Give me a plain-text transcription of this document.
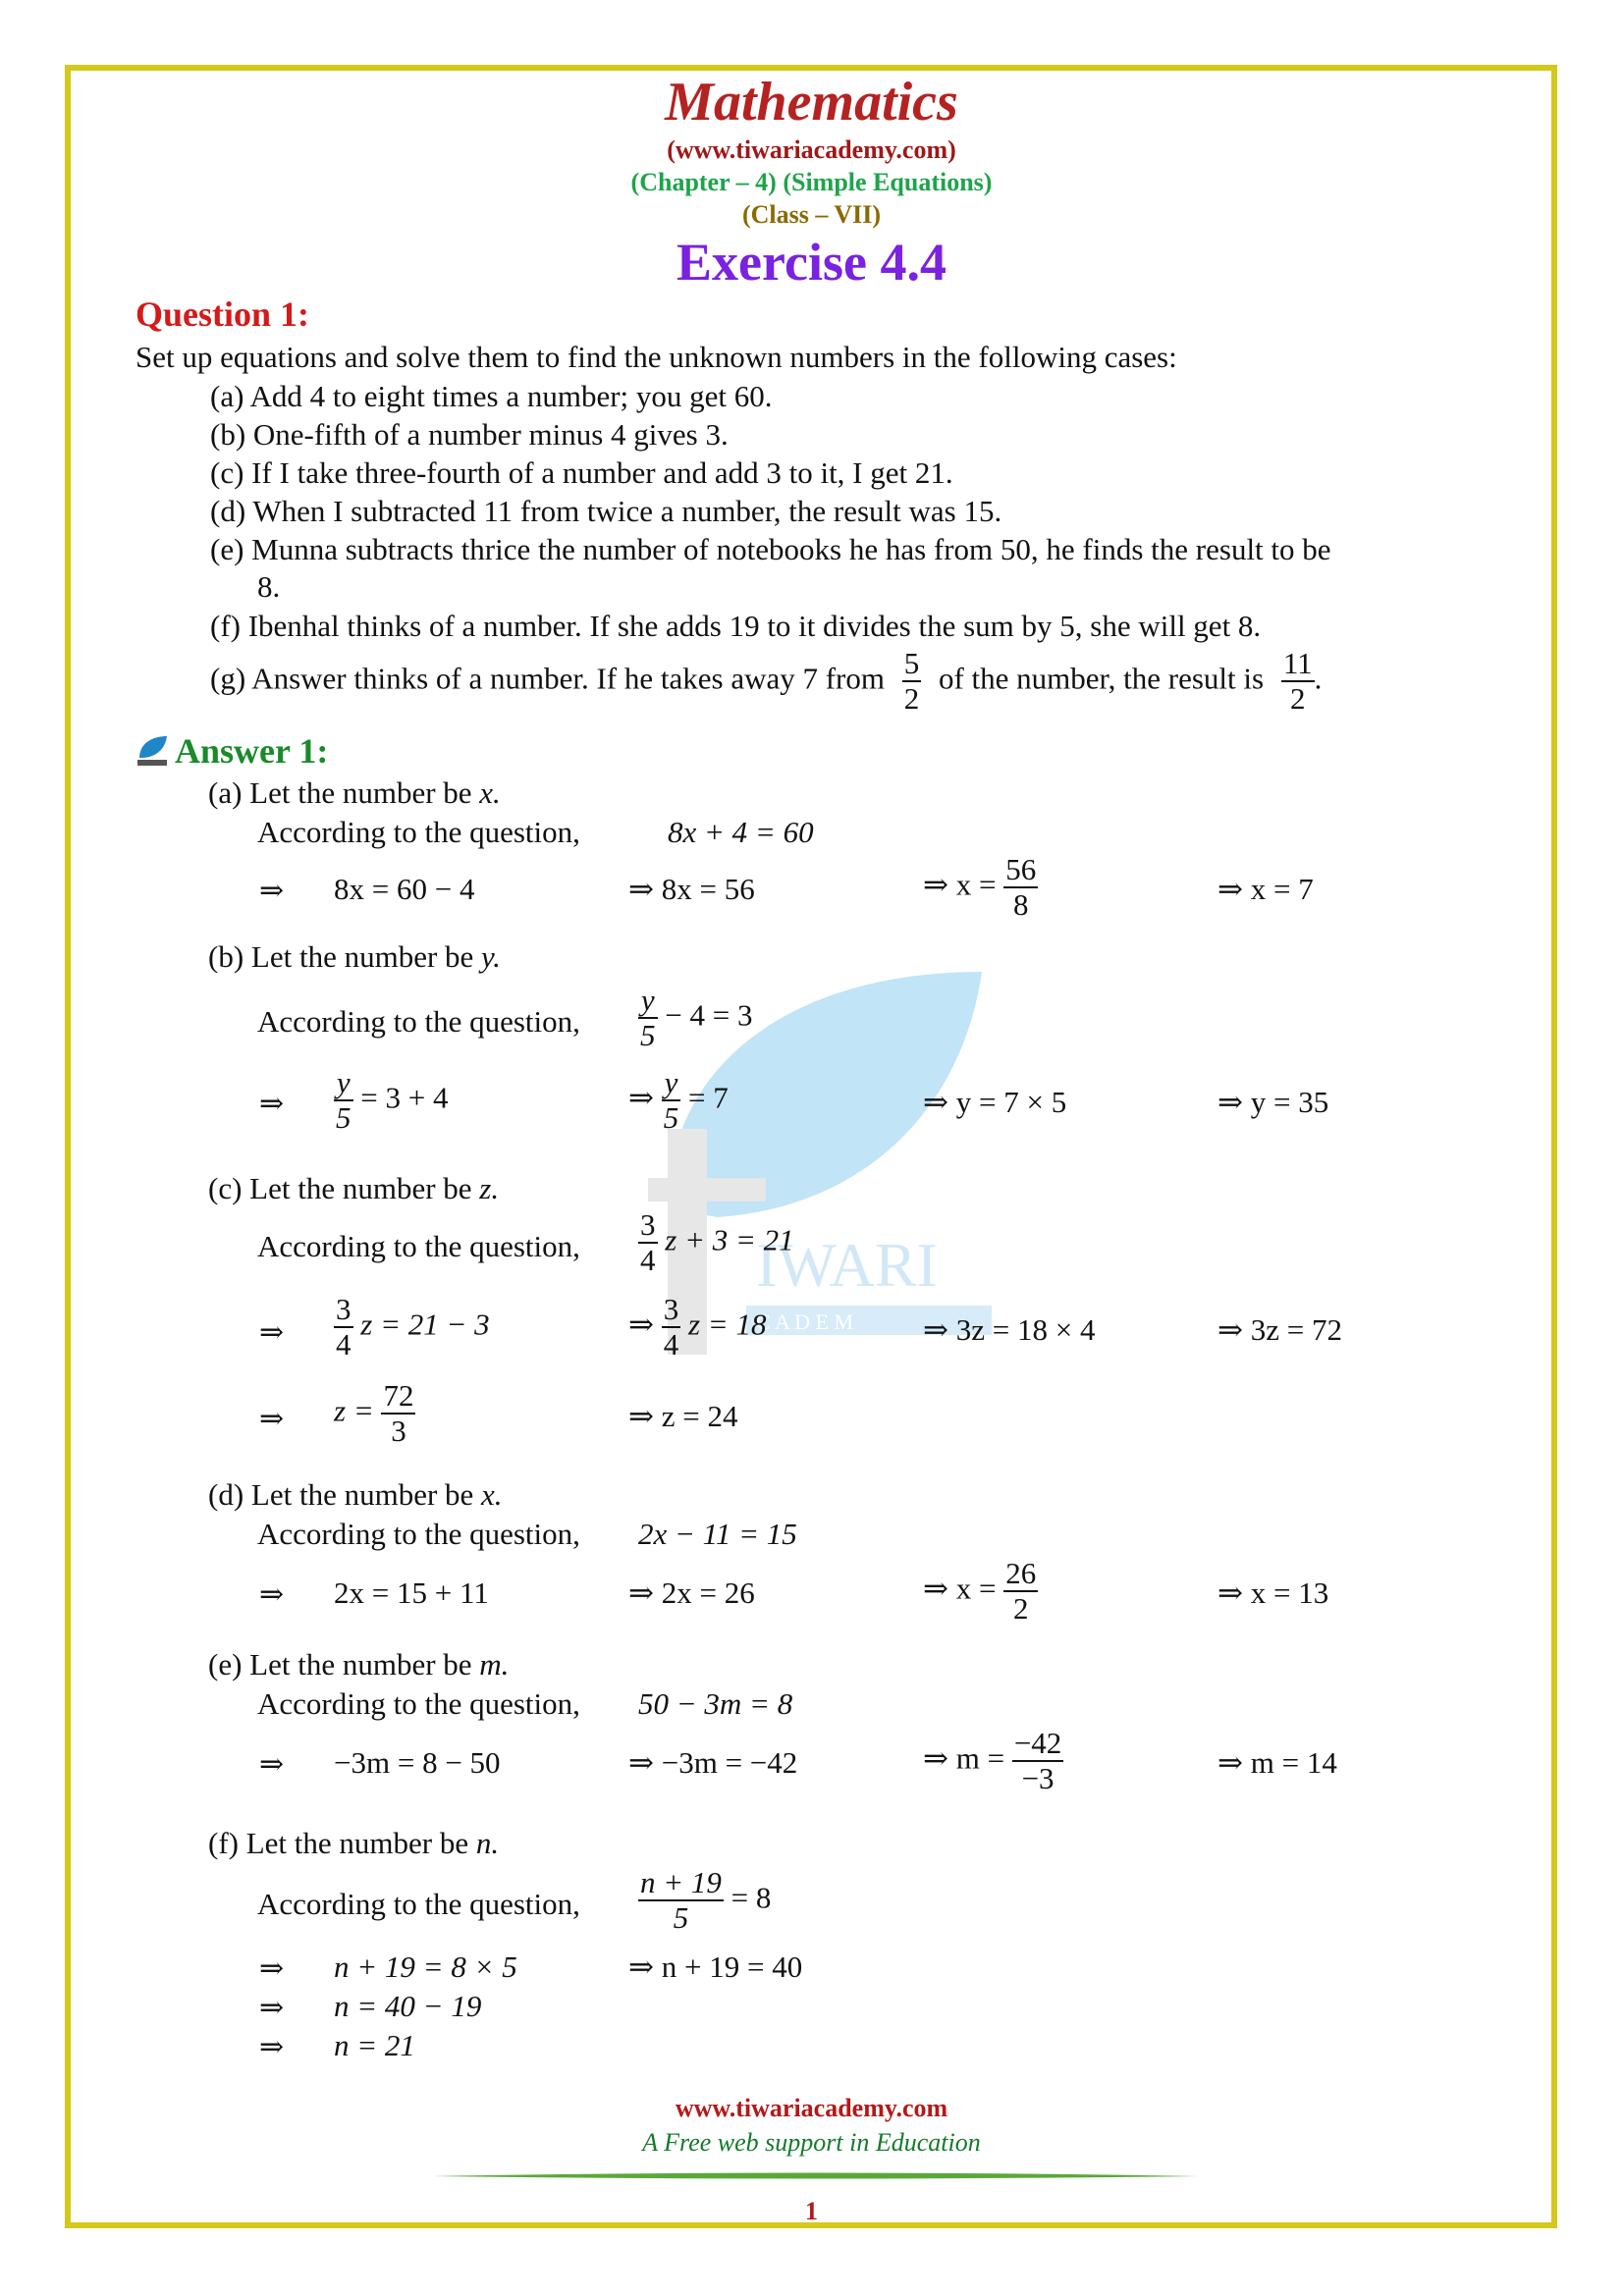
IWARI
C A D E M
Mathematics
(www.tiwariacademy.com)
(Chapter – 4) (Simple Equations)
(Class – VII)
Exercise 4.4
Question 1:
Set up equations and solve them to find the unknown numbers in the following cases:
(a) Add 4 to eight times a number; you get 60.
(b) One-fifth of a number minus 4 gives 3.
(c) If I take three-fourth of a number and add 3 to it, I get 21.
(d) When I subtracted 11 from twice a number, the result was 15.
(e) Munna subtracts thrice the number of notebooks he has from 50, he finds the result to be
8.
(f) Ibenhal thinks of a number. If she adds 19 to it divides the sum by 5, she will get 8.
(g) Answer thinks of a number. If he takes away 7 from $\frac{5}{2}$ of the number, the result is $\frac{11}{2}$ .
Answer 1:
(a) Let the number be x.
According to the question,	8x + 4 = 60
⇒ 8x = 60 − 4	⇒ 8x = 56	⇒ $x = \frac{56}{8}$	⇒ x = 7
(b) Let the number be y.
According to the question, $\frac{y}{5} - 4 = 3$
⇒ $\frac{y}{5} = 3 + 4$	⇒ $\frac{y}{5} = 7$	⇒ y = 7 × 5	⇒ y = 35
(c) Let the number be z.
According to the question, $\frac{3}{4}$ z + 3 = 21
⇒ $\frac{3}{4}$ z = 21 − 3	⇒ $\frac{3}{4}$ z = 18	⇒ 3z = 18 × 4	⇒ 3z = 72
⇒ $z = \frac{72}{3}$	⇒ z = 24
(d) Let the number be x.
According to the question, 2x − 11 = 15
⇒ 2x = 15 + 11	⇒ 2x = 26	⇒ $x = \frac{26}{2}$	⇒ x = 13
(e) Let the number be m.
According to the question, 50 − 3m = 8
⇒ −3m = 8 − 50	⇒ −3m = −42	⇒ $m = \frac{-42}{-3}$	⇒ m = 14
(f) Let the number be n.
According to the question, $\frac{n + 19}{5} = 8$
⇒ n + 19 = 8 × 5	⇒ n + 19 = 40
⇒ n = 40 − 19
⇒ n = 21
www.tiwariacademy.com
A Free web support in Education
1
